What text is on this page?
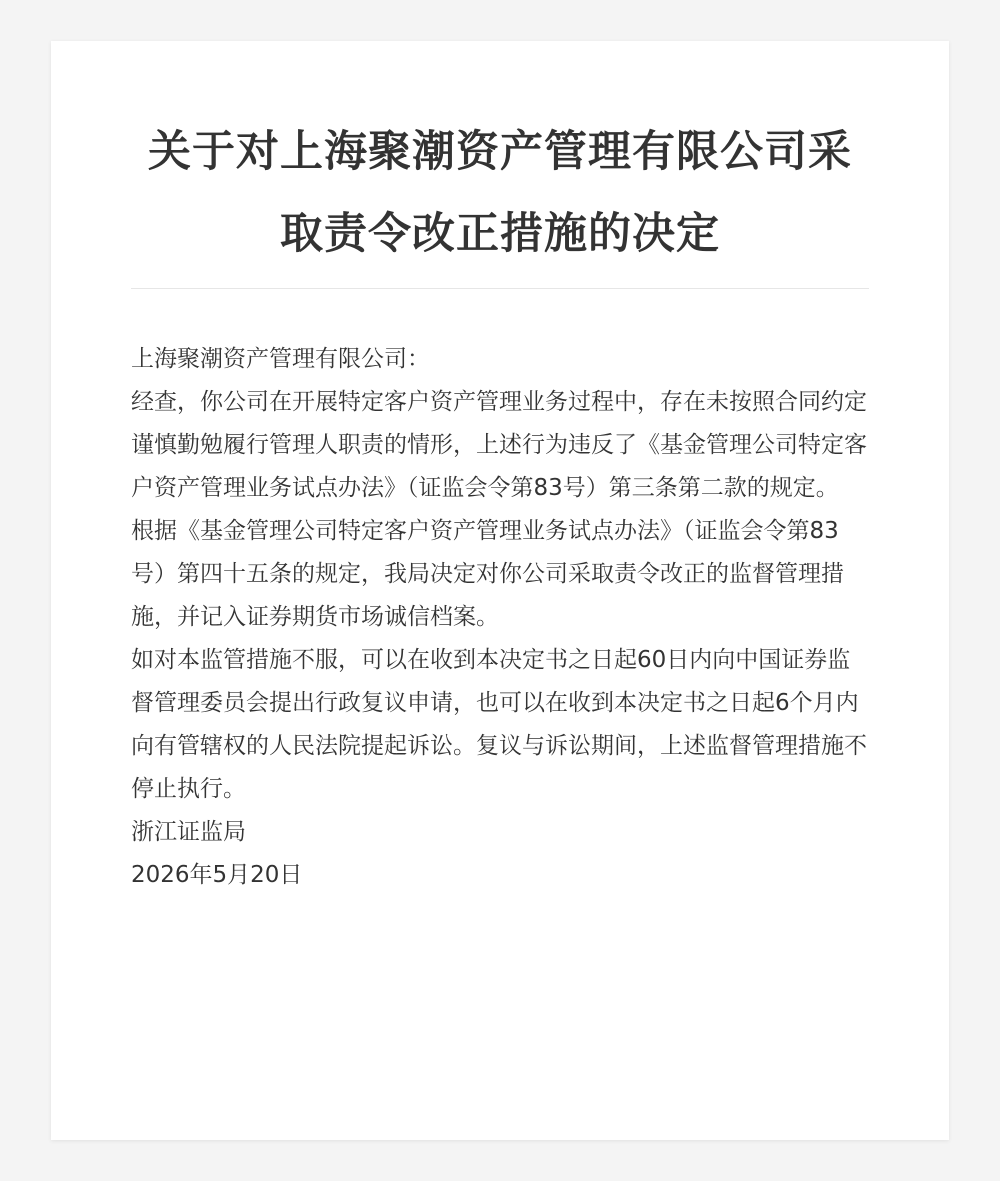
关于对上海聚潮资产管理有限公司采取责令改正措施的决定

上海聚潮资产管理有限公司：

经查，你公司在开展特定客户资产管理业务过程中，存在未按照合同约定谨慎勤勉履行管理人职责的情形，上述行为违反了《基金管理公司特定客户资产管理业务试点办法》（证监会令第83号）第三条第二款的规定。

根据《基金管理公司特定客户资产管理业务试点办法》（证监会令第83号）第四十五条的规定，我局决定对你公司采取责令改正的监督管理措施，并记入证券期货市场诚信档案。

如对本监管措施不服，可以在收到本决定书之日起60日内向中国证券监督管理委员会提出行政复议申请，也可以在收到本决定书之日起6个月内向有管辖权的人民法院提起诉讼。复议与诉讼期间，上述监督管理措施不停止执行。

浙江证监局

2026年5月20日
